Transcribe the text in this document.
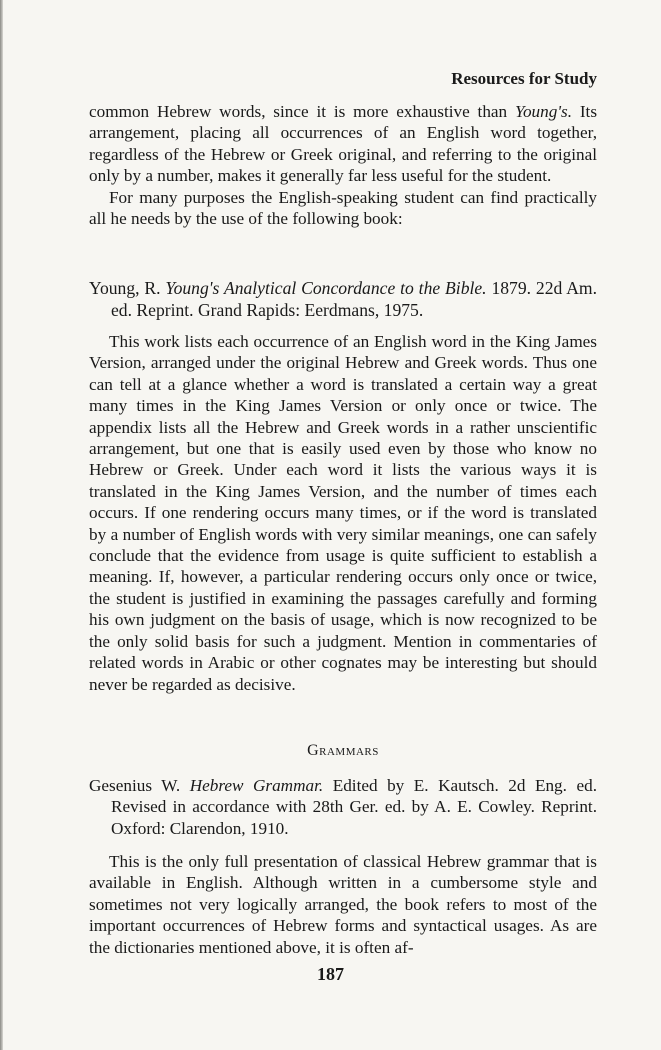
Resources for Study

common Hebrew words, since it is more exhaustive than Young's. Its arrangement, placing all occurrences of an English word together, regardless of the Hebrew or Greek original, and referring to the original only by a number, makes it generally far less useful for the student.

For many purposes the English-speaking student can find practically all he needs by the use of the following book:

Young, R. Young's Analytical Concordance to the Bible. 1879. 22d Am. ed. Reprint. Grand Rapids: Eerdmans, 1975.

This work lists each occurrence of an English word in the King James Version, arranged under the original Hebrew and Greek words. Thus one can tell at a glance whether a word is translated a certain way a great many times in the King James Version or only once or twice. The appendix lists all the Hebrew and Greek words in a rather unscientific arrangement, but one that is easily used even by those who know no Hebrew or Greek. Under each word it lists the various ways it is translated in the King James Version, and the number of times each occurs. If one rendering occurs many times, or if the word is translated by a number of English words with very similar meanings, one can safely conclude that the evidence from usage is quite sufficient to establish a meaning. If, however, a particular rendering occurs only once or twice, the student is justified in examining the passages carefully and forming his own judgment on the basis of usage, which is now recognized to be the only solid basis for such a judgment. Mention in commentaries of related words in Arabic or other cognates may be interesting but should never be regarded as decisive.

Grammars

Gesenius W. Hebrew Grammar. Edited by E. Kautsch. 2d Eng. ed. Revised in accordance with 28th Ger. ed. by A. E. Cowley. Reprint. Oxford: Clarendon, 1910.

This is the only full presentation of classical Hebrew grammar that is available in English. Although written in a cumbersome style and sometimes not very logically arranged, the book refers to most of the important occurrences of Hebrew forms and syntactical usages. As are the dictionaries mentioned above, it is often af-

187
